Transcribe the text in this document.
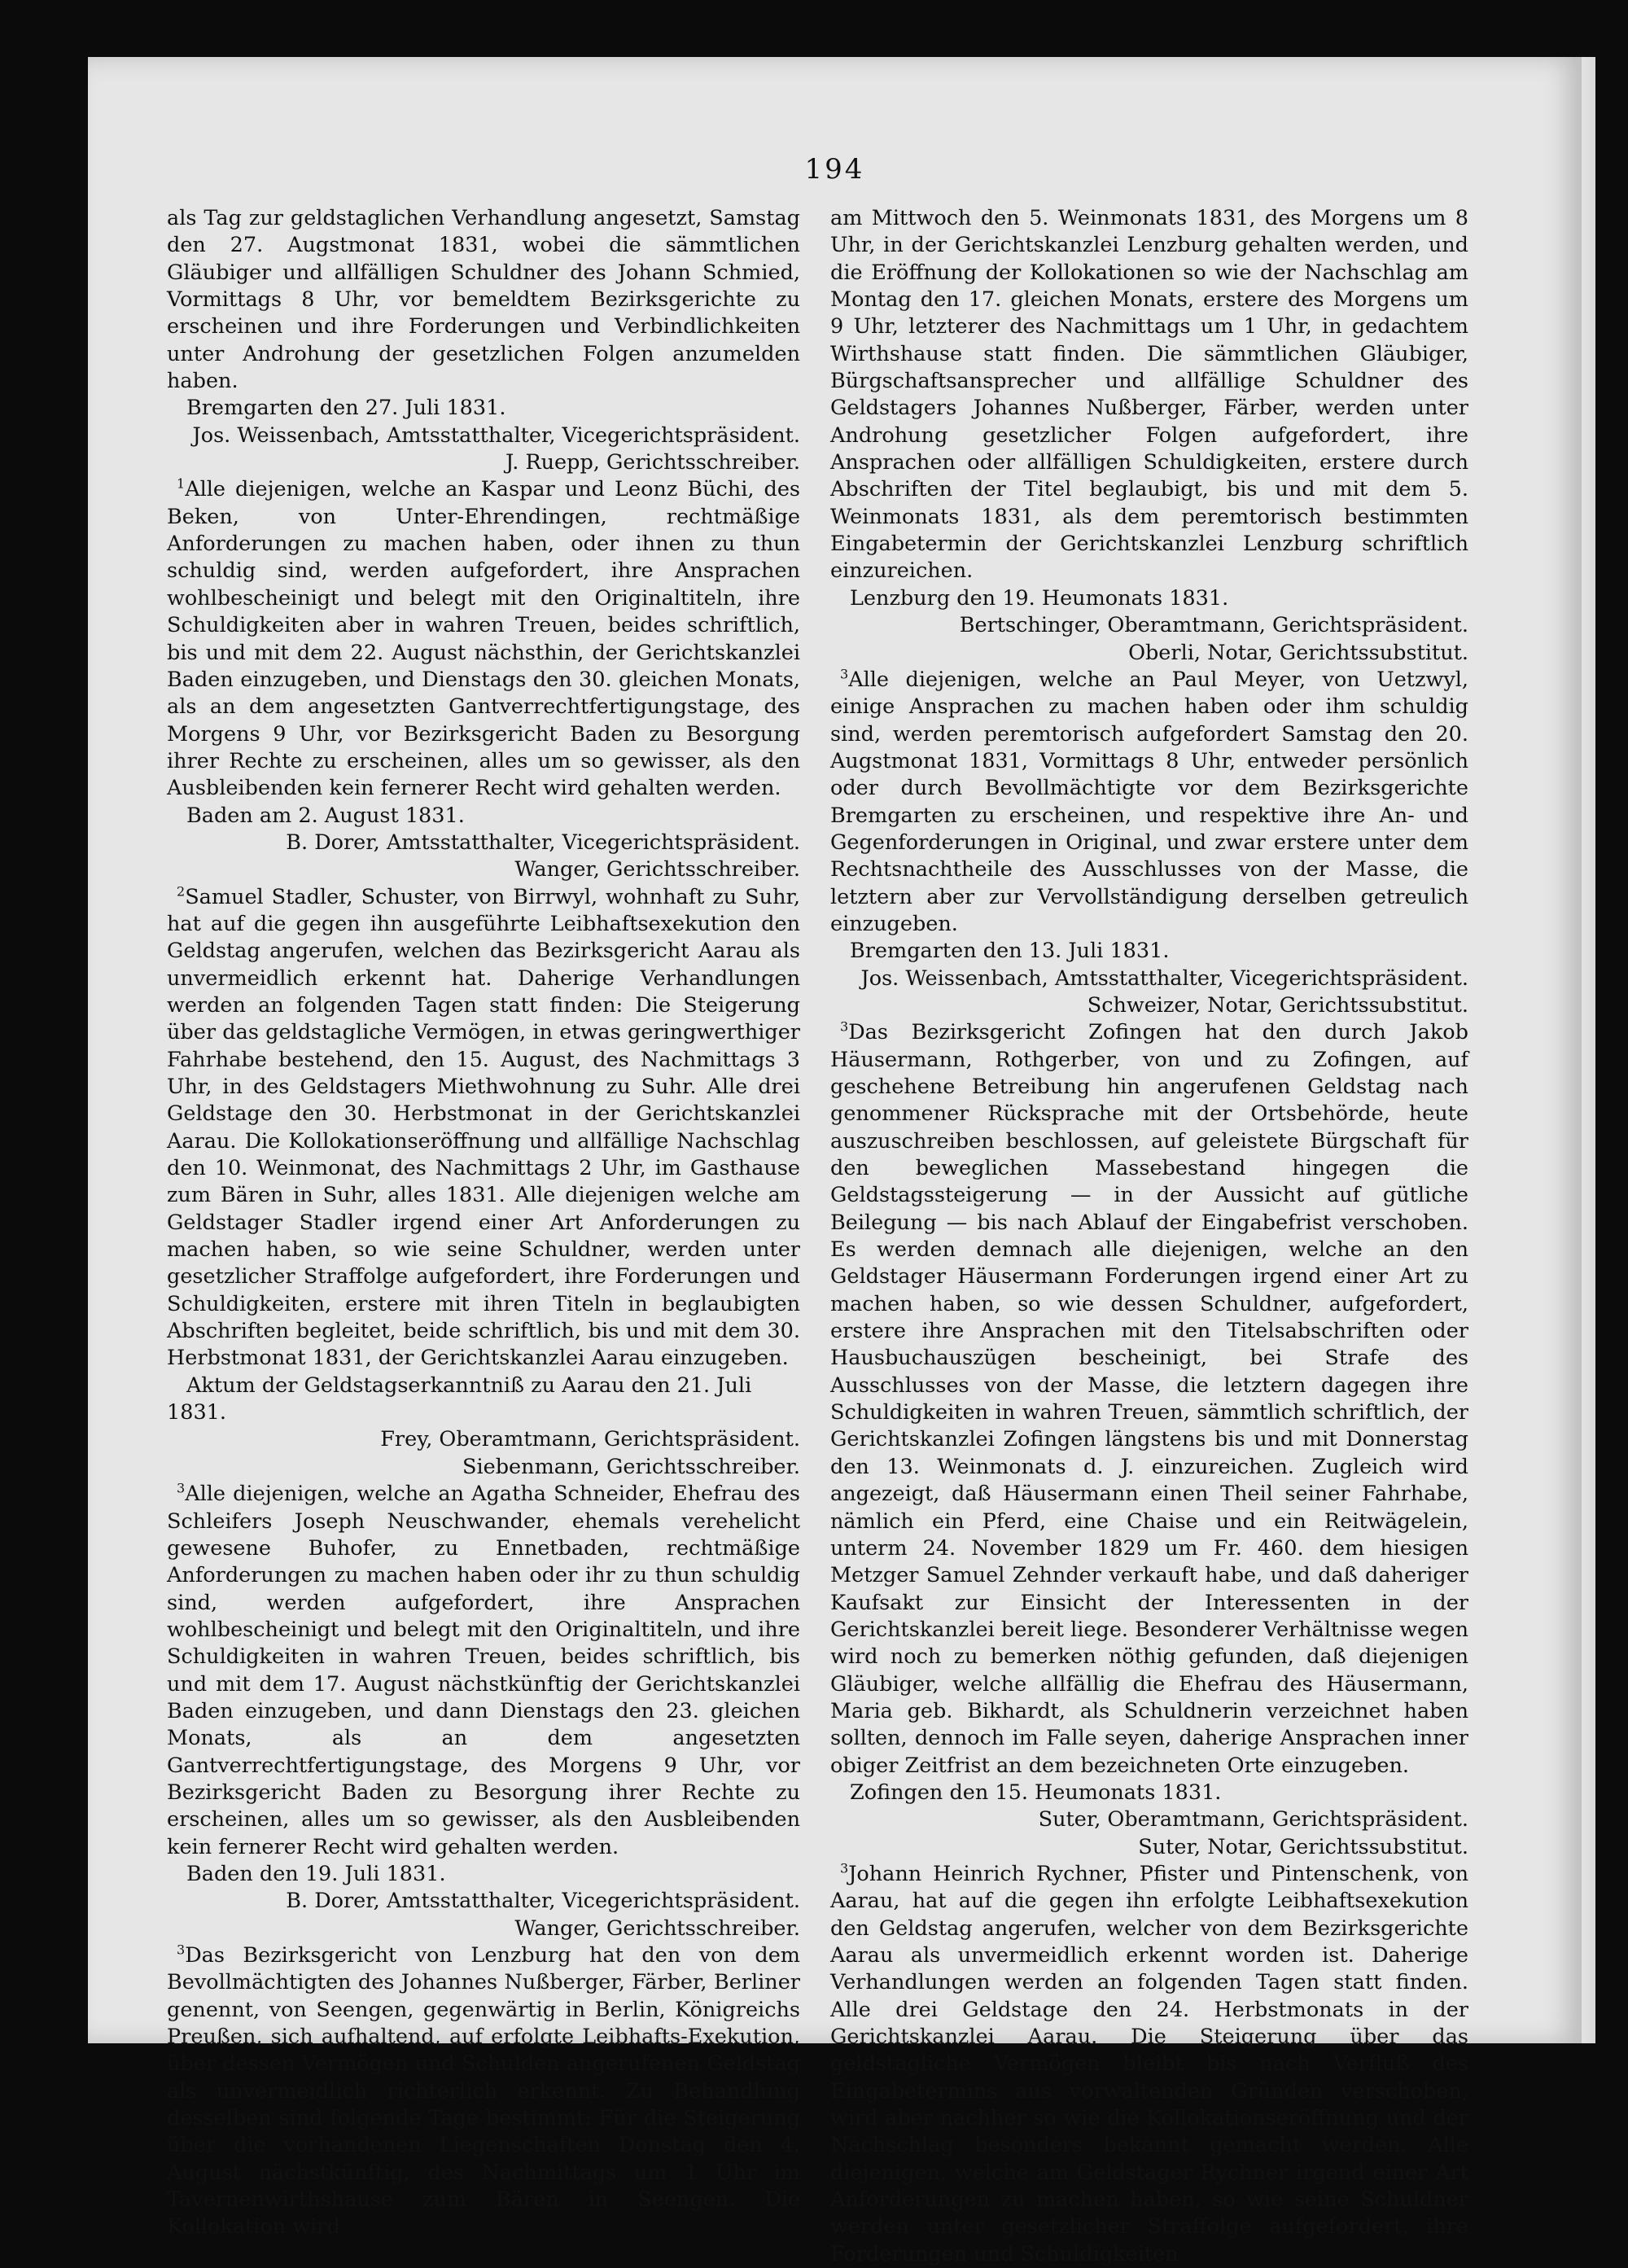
194

als Tag zur geldstaglichen Verhandlung angesetzt, Samstag den 27. Augstmonat 1831, wobei die sämmtlichen Gläubiger und allfälligen Schuldner des Johann Schmied, Vormittags 8 Uhr, vor bemeldtem Bezirksgerichte zu erscheinen und ihre Forderungen und Verbindlichkeiten unter Androhung der gesetzlichen Folgen anzumelden haben.

Bremgarten den 27. Juli 1831.

Jos. Weissenbach, Amtsstatthalter, Vicegerichtspräsident.

J. Ruepp, Gerichtsschreiber.

$^1$Alle diejenigen, welche an Kaspar und Leonz Büchi, des Beken, von Unter-Ehrendingen, rechtmäßige Anforderungen zu machen haben, oder ihnen zu thun schuldig sind, werden aufgefordert, ihre Ansprachen wohlbescheinigt und belegt mit den Originaltiteln, ihre Schuldigkeiten aber in wahren Treuen, beides schriftlich, bis und mit dem 22. August nächsthin, der Gerichtskanzlei Baden einzugeben, und Dienstags den 30. gleichen Monats, als an dem angesetzten Gantverrechtfertigungstage, des Morgens 9 Uhr, vor Bezirksgericht Baden zu Besorgung ihrer Rechte zu erscheinen, alles um so gewisser, als den Ausbleibenden kein fernerer Recht wird gehalten werden.

Baden am 2. August 1831.

B. Dorer, Amtsstatthalter, Vicegerichtspräsident.

Wanger, Gerichtsschreiber.

$^2$Samuel Stadler, Schuster, von Birrwyl, wohnhaft zu Suhr, hat auf die gegen ihn ausgeführte Leibhaftsexekution den Geldstag angerufen, welchen das Bezirksgericht Aarau als unvermeidlich erkennt hat. Daherige Verhandlungen werden an folgenden Tagen statt finden: Die Steigerung über das geldstagliche Vermögen, in etwas geringwerthiger Fahrhabe bestehend, den 15. August, des Nachmittags 3 Uhr, in des Geldstagers Miethwohnung zu Suhr. Alle drei Geldstage den 30. Herbstmonat in der Gerichtskanzlei Aarau. Die Kollokationseröffnung und allfällige Nachschlag den 10. Weinmonat, des Nachmittags 2 Uhr, im Gasthause zum Bären in Suhr, alles 1831. Alle diejenigen welche am Geldstager Stadler irgend einer Art Anforderungen zu machen haben, so wie seine Schuldner, werden unter gesetzlicher Straffolge aufgefordert, ihre Forderungen und Schuldigkeiten, erstere mit ihren Titeln in beglaubigten Abschriften begleitet, beide schriftlich, bis und mit dem 30. Herbstmonat 1831, der Gerichtskanzlei Aarau einzugeben.

Aktum der Geldstagserkanntniß zu Aarau den 21. Juli 1831.

Frey, Oberamtmann, Gerichtspräsident.

Siebenmann, Gerichtsschreiber.

$^3$Alle diejenigen, welche an Agatha Schneider, Ehefrau des Schleifers Joseph Neuschwander, ehemals verehelicht gewesene Buhofer, zu Ennetbaden, rechtmäßige Anforderungen zu machen haben oder ihr zu thun schuldig sind, werden aufgefordert, ihre Ansprachen wohlbescheinigt und belegt mit den Originaltiteln, und ihre Schuldigkeiten in wahren Treuen, beides schriftlich, bis und mit dem 17. August nächstkünftig der Gerichtskanzlei Baden einzugeben, und dann Dienstags den 23. gleichen Monats, als an dem angesetzten Gantverrechtfertigungstage, des Morgens 9 Uhr, vor Bezirksgericht Baden zu Besorgung ihrer Rechte zu erscheinen, alles um so gewisser, als den Ausbleibenden kein fernerer Recht wird gehalten werden.

Baden den 19. Juli 1831.

B. Dorer, Amtsstatthalter, Vicegerichtspräsident.

Wanger, Gerichtsschreiber.

$^3$Das Bezirksgericht von Lenzburg hat den von dem Bevollmächtigten des Johannes Nußberger, Färber, Berliner genennt, von Seengen, gegenwärtig in Berlin, Königreichs Preußen, sich aufhaltend, auf erfolgte Leibhafts-Exekution, über dessen Vermögen und Schulden angerufenen Geldstag als unvermeidlich richterlich erkennt. Zu Behandlung desselben sind folgende Tage bestimmt: Für die Steigerung über die vorhandenen Liegenschaften Donstag den 4. August nächstkünftig, des Nachmittags um 1 Uhr im Tavernenwirthshause zum Bären in Seengen. Die Kollokation wird

am Mittwoch den 5. Weinmonats 1831, des Morgens um 8 Uhr, in der Gerichtskanzlei Lenzburg gehalten werden, und die Eröffnung der Kollokationen so wie der Nachschlag am Montag den 17. gleichen Monats, erstere des Morgens um 9 Uhr, letzterer des Nachmittags um 1 Uhr, in gedachtem Wirthshause statt finden. Die sämmtlichen Gläubiger, Bürgschaftsansprecher und allfällige Schuldner des Geldstagers Johannes Nußberger, Färber, werden unter Androhung gesetzlicher Folgen aufgefordert, ihre Ansprachen oder allfälligen Schuldigkeiten, erstere durch Abschriften der Titel beglaubigt, bis und mit dem 5. Weinmonats 1831, als dem peremtorisch bestimmten Eingabetermin der Gerichtskanzlei Lenzburg schriftlich einzureichen.

Lenzburg den 19. Heumonats 1831.

Bertschinger, Oberamtmann, Gerichtspräsident.

Oberli, Notar, Gerichtssubstitut.

$^3$Alle diejenigen, welche an Paul Meyer, von Uetzwyl, einige Ansprachen zu machen haben oder ihm schuldig sind, werden peremtorisch aufgefordert Samstag den 20. Augstmonat 1831, Vormittags 8 Uhr, entweder persönlich oder durch Bevollmächtigte vor dem Bezirksgerichte Bremgarten zu erscheinen, und respektive ihre An- und Gegenforderungen in Original, und zwar erstere unter dem Rechtsnachtheile des Ausschlusses von der Masse, die letztern aber zur Vervollständigung derselben getreulich einzugeben.

Bremgarten den 13. Juli 1831.

Jos. Weissenbach, Amtsstatthalter, Vicegerichtspräsident.

Schweizer, Notar, Gerichtssubstitut.

$^3$Das Bezirksgericht Zofingen hat den durch Jakob Häusermann, Rothgerber, von und zu Zofingen, auf geschehene Betreibung hin angerufenen Geldstag nach genommener Rücksprache mit der Ortsbehörde, heute auszuschreiben beschlossen, auf geleistete Bürgschaft für den beweglichen Massebestand hingegen die Geldstagssteigerung — in der Aussicht auf gütliche Beilegung — bis nach Ablauf der Eingabefrist verschoben. Es werden demnach alle diejenigen, welche an den Geldstager Häusermann Forderungen irgend einer Art zu machen haben, so wie dessen Schuldner, aufgefordert, erstere ihre Ansprachen mit den Titelsabschriften oder Hausbuchauszügen bescheinigt, bei Strafe des Ausschlusses von der Masse, die letztern dagegen ihre Schuldigkeiten in wahren Treuen, sämmtlich schriftlich, der Gerichtskanzlei Zofingen längstens bis und mit Donnerstag den 13. Weinmonats d. J. einzureichen. Zugleich wird angezeigt, daß Häusermann einen Theil seiner Fahrhabe, nämlich ein Pferd, eine Chaise und ein Reitwägelein, unterm 24. November 1829 um Fr. 460. dem hiesigen Metzger Samuel Zehnder verkauft habe, und daß daheriger Kaufsakt zur Einsicht der Interessenten in der Gerichtskanzlei bereit liege. Besonderer Verhältnisse wegen wird noch zu bemerken nöthig gefunden, daß diejenigen Gläubiger, welche allfällig die Ehefrau des Häusermann, Maria geb. Bikhardt, als Schuldnerin verzeichnet haben sollten, dennoch im Falle seyen, daherige Ansprachen inner obiger Zeitfrist an dem bezeichneten Orte einzugeben.

Zofingen den 15. Heumonats 1831.

Suter, Oberamtmann, Gerichtspräsident.

Suter, Notar, Gerichtssubstitut.

$^3$Johann Heinrich Rychner, Pfister und Pintenschenk, von Aarau, hat auf die gegen ihn erfolgte Leibhaftsexekution den Geldstag angerufen, welcher von dem Bezirksgerichte Aarau als unvermeidlich erkennt worden ist. Daherige Verhandlungen werden an folgenden Tagen statt finden. Alle drei Geldstage den 24. Herbstmonats in der Gerichtskanzlei Aarau. Die Steigerung über das geldstagliche Vermögen bleibt bis nach Verfluß des Eingabetermins aus vorwaltenden Gründen verschoben, wird aber nachher so wie die Kollokationseröffnung und der Nachschlag besonders bekannt gemacht werden. Alle diejenigen, welche am Geldstager Rychner irgend einer Art Anforderungen zu machen haben, so wie seine Schuldner werden unter gesetzlicher Straffolge aufgefordert, ihre Forderungen und Schuldigkeiten
